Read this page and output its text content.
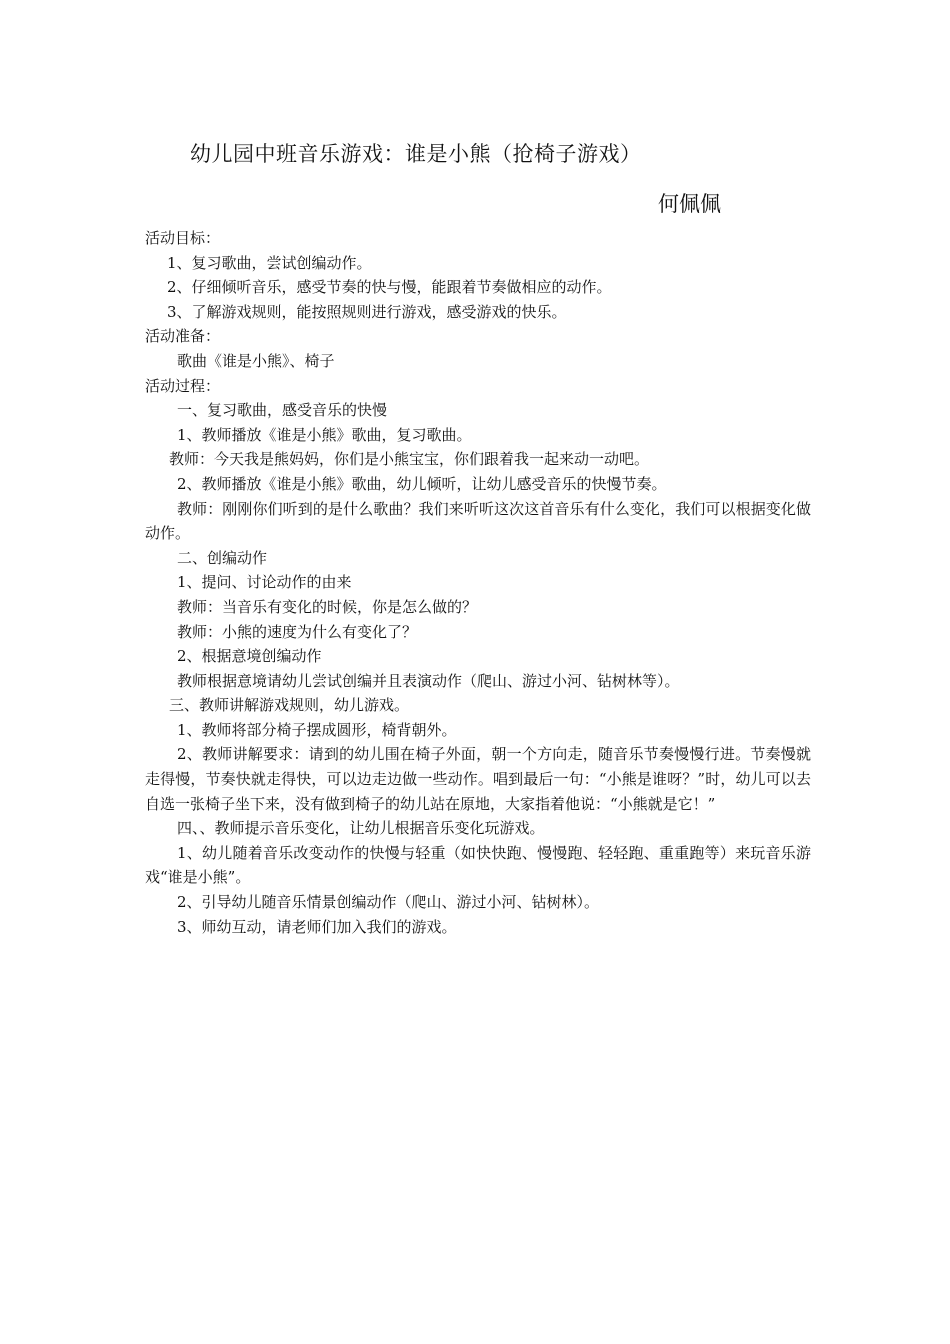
幼儿园中班音乐游戏：谁是小熊（抢椅子游戏）
何佩佩
活动目标：
1、复习歌曲，尝试创编动作。
2、仔细倾听音乐，感受节奏的快与慢，能跟着节奏做相应的动作。
3、了解游戏规则，能按照规则进行游戏，感受游戏的快乐。
活动准备：
歌曲《谁是小熊》、椅子
活动过程：
一、复习歌曲，感受音乐的快慢
1、教师播放《谁是小熊》歌曲，复习歌曲。
教师：今天我是熊妈妈，你们是小熊宝宝，你们跟着我一起来动一动吧。
2、教师播放《谁是小熊》歌曲，幼儿倾听，让幼儿感受音乐的快慢节奏。
教师：刚刚你们听到的是什么歌曲？我们来听听这次这首音乐有什么变化，我们可以根据变化做动作。
二、创编动作
1、提问、讨论动作的由来
教师：当音乐有变化的时候，你是怎么做的？
教师：小熊的速度为什么有变化了？
2、根据意境创编动作
教师根据意境请幼儿尝试创编并且表演动作（爬山、游过小河、钻树林等）。
三、教师讲解游戏规则，幼儿游戏。
1、教师将部分椅子摆成圆形，椅背朝外。
2、教师讲解要求：请到的幼儿围在椅子外面，朝一个方向走，随音乐节奏慢慢行进。节奏慢就走得慢，节奏快就走得快，可以边走边做一些动作。唱到最后一句：“小熊是谁呀？”时，幼儿可以去自选一张椅子坐下来，没有做到椅子的幼儿站在原地，大家指着他说：“小熊就是它！”
四、、教师提示音乐变化，让幼儿根据音乐变化玩游戏。
1、幼儿随着音乐改变动作的快慢与轻重（如快快跑、慢慢跑、轻轻跑、重重跑等）来玩音乐游戏“谁是小熊”。
2、引导幼儿随音乐情景创编动作（爬山、游过小河、钻树林）。
3、师幼互动，请老师们加入我们的游戏。
